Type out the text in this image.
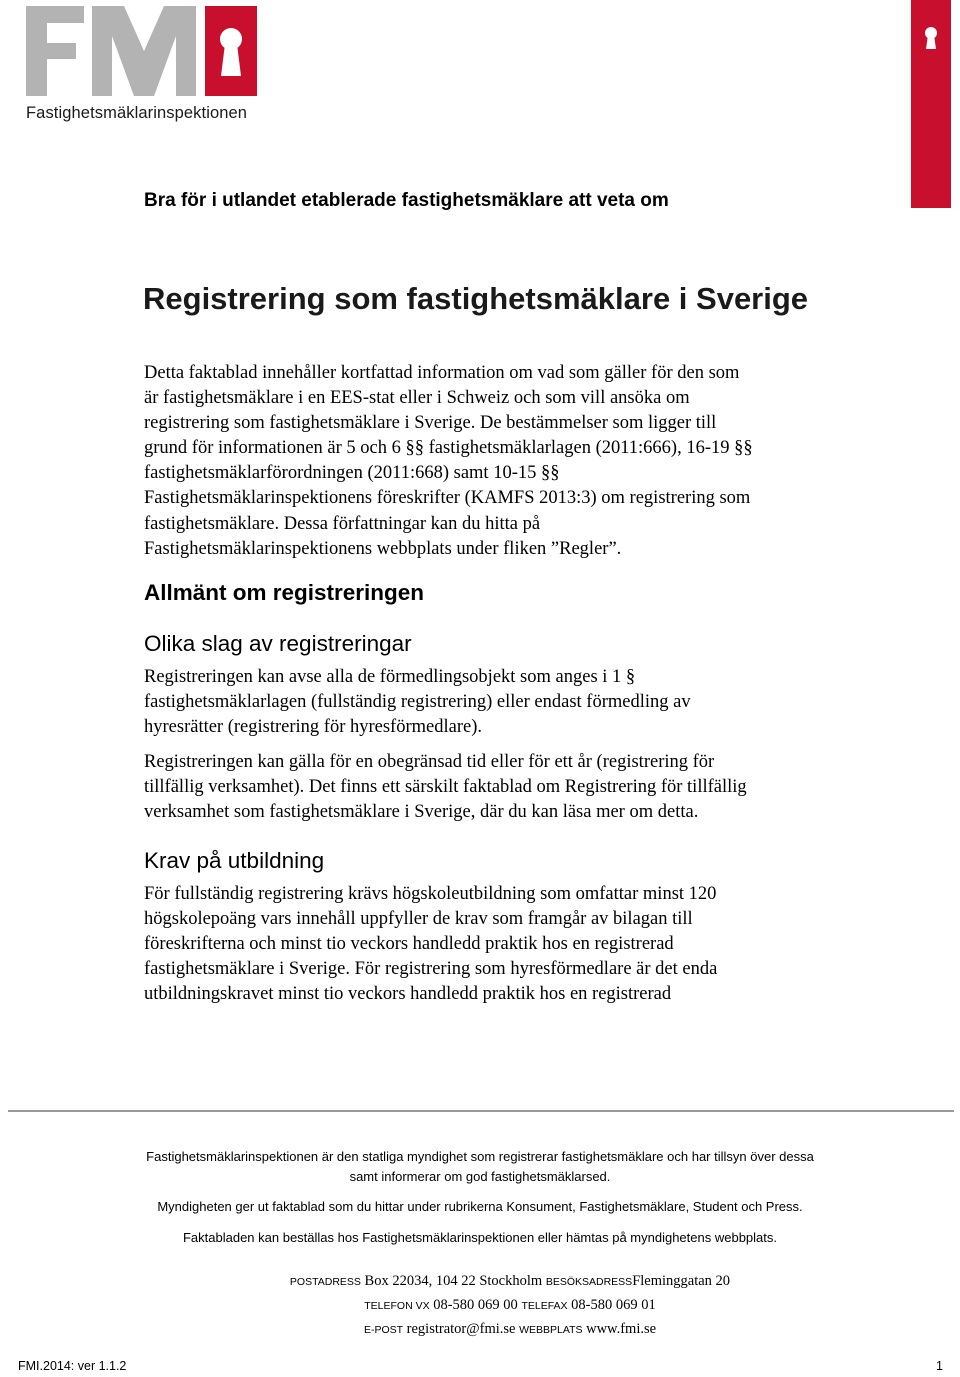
Fastighetsmäklarinspektionen
Bra för i utlandet etablerade fastighetsmäklare att veta om
Registrering som fastighetsmäklare i Sverige
Detta faktablad innehåller kortfattad information om vad som gäller för den som
är fastighetsmäklare i en EES-stat eller i Schweiz och som vill ansöka om
registrering som fastighetsmäklare i Sverige. De bestämmelser som ligger till
grund för informationen är 5 och 6 §§ fastighetsmäklarlagen (2011:666), 16-19 §§
fastighetsmäklarförordningen (2011:668) samt 10-15 §§
Fastighetsmäklarinspektionens föreskrifter (KAMFS 2013:3) om registrering som
fastighetsmäklare. Dessa författningar kan du hitta på
Fastighetsmäklarinspektionens webbplats under fliken ”Regler”.
Allmänt om registreringen
Olika slag av registreringar
Registreringen kan avse alla de förmedlingsobjekt som anges i 1 §
fastighetsmäklarlagen (fullständig registrering) eller endast förmedling av
hyresrätter (registrering för hyresförmedlare).
Registreringen kan gälla för en obegränsad tid eller för ett år (registrering för
tillfällig verksamhet). Det finns ett särskilt faktablad om Registrering för tillfällig
verksamhet som fastighetsmäklare i Sverige, där du kan läsa mer om detta.
Krav på utbildning
För fullständig registrering krävs högskoleutbildning som omfattar minst 120
högskolepoäng vars innehåll uppfyller de krav som framgår av bilagan till
föreskrifterna och minst tio veckors handledd praktik hos en registrerad
fastighetsmäklare i Sverige. För registrering som hyresförmedlare är det enda
utbildningskravet minst tio veckors handledd praktik hos en registrerad
Fastighetsmäklarinspektionen är den statliga myndighet som registrerar fastighetsmäklare och har tillsyn över dessa
samt informerar om god fastighetsmäklarsed.
Myndigheten ger ut faktablad som du hittar under rubrikerna Konsument, Fastighetsmäklare, Student och Press.
Faktabladen kan beställas hos Fastighetsmäklarinspektionen eller hämtas på myndighetens webbplats.
POSTADRESS Box 22034, 104 22 Stockholm BESÖKSADRESSFleminggatan 20
TELEFON VX 08-580 069 00 TELEFAX 08-580 069 01
E-POST registrator@fmi.se WEBBPLATS www.fmi.se
FMI.2014: ver 1.1.2	1
